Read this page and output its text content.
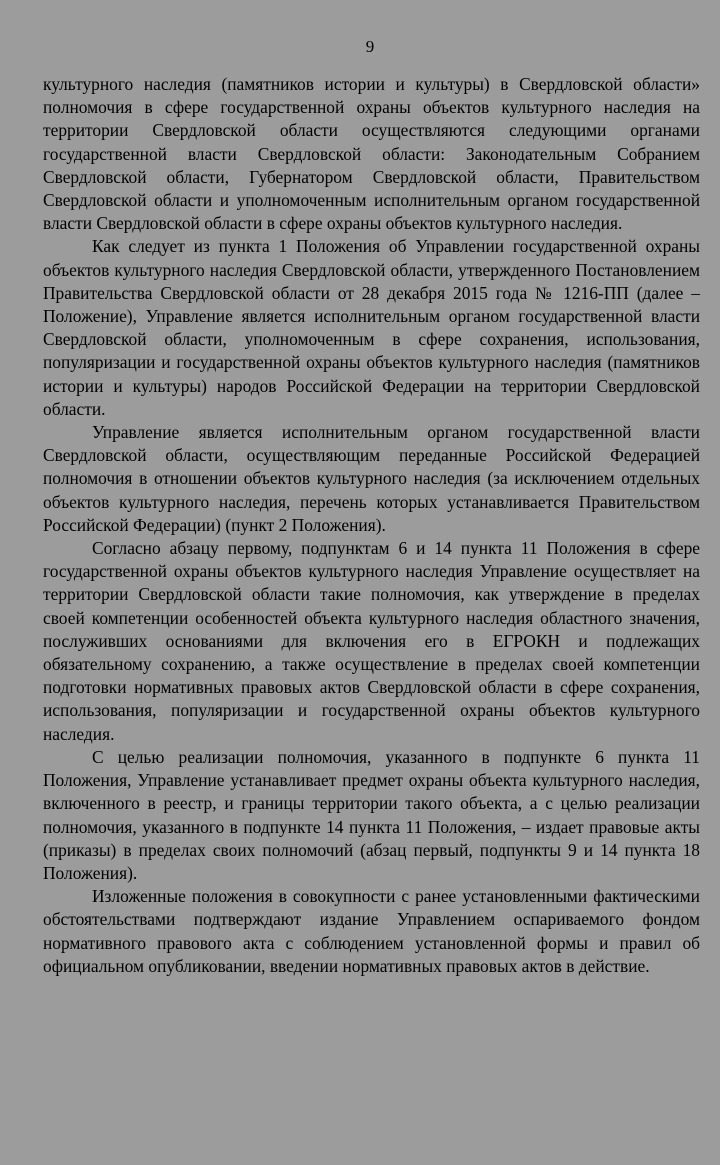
9

культурного наследия (памятников истории и культуры) в Свердловской области» полномочия в сфере государственной охраны объектов культурного наследия на территории Свердловской области осуществляются следующими органами государственной власти Свердловской области: Законодательным Собранием Свердловской области, Губернатором Свердловской области, Правительством Свердловской области и уполномоченным исполнительным органом государственной власти Свердловской области в сфере охраны объектов культурного наследия.

Как следует из пункта 1 Положения об Управлении государственной охраны объектов культурного наследия Свердловской области, утвержденного Постановлением Правительства Свердловской области от 28 декабря 2015 года № 1216-ПП (далее – Положение), Управление является исполнительным органом государственной власти Свердловской области, уполномоченным в сфере сохранения, использования, популяризации и государственной охраны объектов культурного наследия (памятников истории и культуры) народов Российской Федерации на территории Свердловской области.

Управление является исполнительным органом государственной власти Свердловской области, осуществляющим переданные Российской Федерацией полномочия в отношении объектов культурного наследия (за исключением отдельных объектов культурного наследия, перечень которых устанавливается Правительством Российской Федерации) (пункт 2 Положения).

Согласно абзацу первому, подпунктам 6 и 14 пункта 11 Положения в сфере государственной охраны объектов культурного наследия Управление осуществляет на территории Свердловской области такие полномочия, как утверждение в пределах своей компетенции особенностей объекта культурного наследия областного значения, послуживших основаниями для включения его в ЕГРОКН и подлежащих обязательному сохранению, а также осуществление в пределах своей компетенции подготовки нормативных правовых актов Свердловской области в сфере сохранения, использования, популяризации и государственной охраны объектов культурного наследия.

С целью реализации полномочия, указанного в подпункте 6 пункта 11 Положения, Управление устанавливает предмет охраны объекта культурного наследия, включенного в реестр, и границы территории такого объекта, а с целью реализации полномочия, указанного в подпункте 14 пункта 11 Положения, – издает правовые акты (приказы) в пределах своих полномочий (абзац первый, подпункты 9 и 14 пункта 18 Положения).

Изложенные положения в совокупности с ранее установленными фактическими обстоятельствами подтверждают издание Управлением оспариваемого фондом нормативного правового акта с соблюдением установленной формы и правил об официальном опубликовании, введении нормативных правовых актов в действие.
